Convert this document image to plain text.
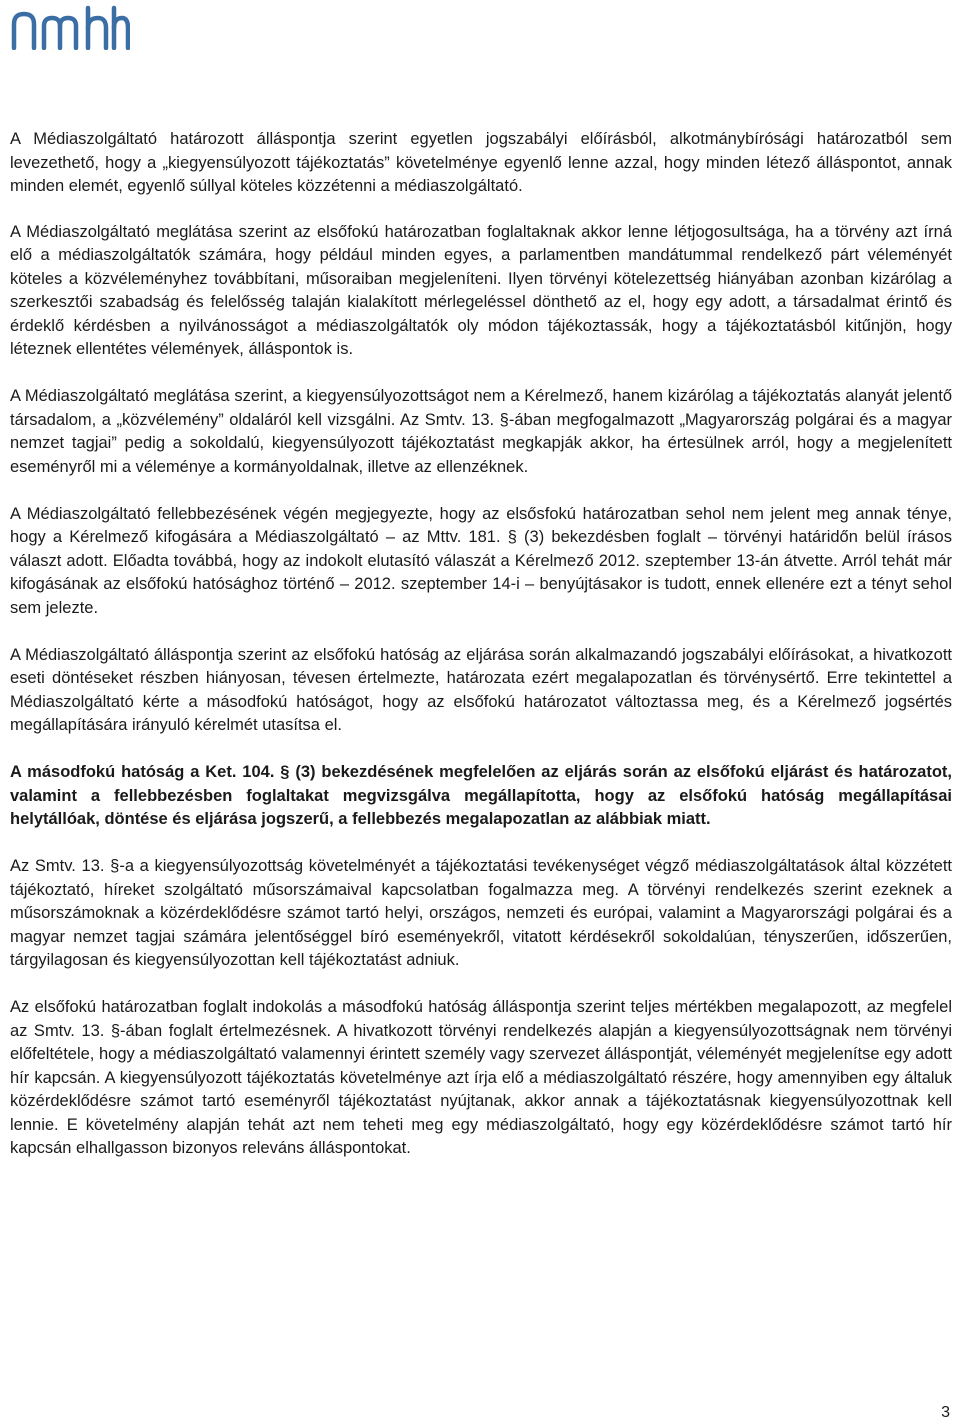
A Médiaszolgáltató határozott álláspontja szerint egyetlen jogszabályi előírásból, alkotmánybírósági határozatból sem levezethető, hogy a „kiegyensúlyozott tájékoztatás” követelménye egyenlő lenne azzal, hogy minden létező álláspontot, annak minden elemét, egyenlő súllyal köteles közzétenni a médiaszolgáltató.

A Médiaszolgáltató meglátása szerint az elsőfokú határozatban foglaltaknak akkor lenne létjogosultsága, ha a törvény azt írná elő a médiaszolgáltatók számára, hogy például minden egyes, a parlamentben mandátummal rendelkező párt véleményét köteles a közvéleményhez továbbítani, műsoraiban megjeleníteni. Ilyen törvényi kötelezettség hiányában azonban kizárólag a szerkesztői szabadság és felelősség talaján kialakított mérlegeléssel dönthető az el, hogy egy adott, a társadalmat érintő és érdeklő kérdésben a nyilvánosságot a médiaszolgáltatók oly módon tájékoztassák, hogy a tájékoztatásból kitűnjön, hogy léteznek ellentétes vélemények, álláspontok is.

A Médiaszolgáltató meglátása szerint, a kiegyensúlyozottságot nem a Kérelmező, hanem kizárólag a tájékoztatás alanyát jelentő társadalom, a „közvélemény” oldaláról kell vizsgálni. Az Smtv. 13. §-ában megfogalmazott „Magyarország polgárai és a magyar nemzet tagjai” pedig a sokoldalú, kiegyensúlyozott tájékoztatást megkapják akkor, ha értesülnek arról, hogy a megjelenített eseményről mi a véleménye a kormányoldalnak, illetve az ellenzéknek.

A Médiaszolgáltató fellebbezésének végén megjegyezte, hogy az elsősfokú határozatban sehol nem jelent meg annak ténye, hogy a Kérelmező kifogására a Médiaszolgáltató – az Mttv. 181. § (3) bekezdésben foglalt – törvényi határidőn belül írásos választ adott. Előadta továbbá, hogy az indokolt elutasító válaszát a Kérelmező 2012. szeptember 13-án átvette. Arról tehát már kifogásának az elsőfokú hatósághoz történő – 2012. szeptember 14-i – benyújtásakor is tudott, ennek ellenére ezt a tényt sehol sem jelezte.

A Médiaszolgáltató álláspontja szerint az elsőfokú hatóság az eljárása során alkalmazandó jogszabályi előírásokat, a hivatkozott eseti döntéseket részben hiányosan, tévesen értelmezte, határozata ezért megalapozatlan és törvénysértő. Erre tekintettel a Médiaszolgáltató kérte a másodfokú hatóságot, hogy az elsőfokú határozatot változtassa meg, és a Kérelmező jogsértés megállapítására irányuló kérelmét utasítsa el.

A másodfokú hatóság a Ket. 104. § (3) bekezdésének megfelelően az eljárás során az elsőfokú eljárást és határozatot, valamint a fellebbezésben foglaltakat megvizsgálva megállapította, hogy az elsőfokú hatóság megállapításai helytállóak, döntése és eljárása jogszerű, a fellebbezés megalapozatlan az alábbiak miatt.

Az Smtv. 13. §-a a kiegyensúlyozottság követelményét a tájékoztatási tevékenységet végző médiaszolgáltatások által közzétett tájékoztató, híreket szolgáltató műsorszámaival kapcsolatban fogalmazza meg. A törvényi rendelkezés szerint ezeknek a műsorszámoknak a közérdeklődésre számot tartó helyi, országos, nemzeti és európai, valamint a Magyarországi polgárai és a magyar nemzet tagjai számára jelentőséggel bíró eseményekről, vitatott kérdésekről sokoldalúan, tényszerűen, időszerűen, tárgyilagosan és kiegyensúlyozottan kell tájékoztatást adniuk.

Az elsőfokú határozatban foglalt indokolás a másodfokú hatóság álláspontja szerint teljes mértékben megalapozott, az megfelel az Smtv. 13. §-ában foglalt értelmezésnek. A hivatkozott törvényi rendelkezés alapján a kiegyensúlyozottságnak nem törvényi előfeltétele, hogy a médiaszolgáltató valamennyi érintett személy vagy szervezet álláspontját, véleményét megjelenítse egy adott hír kapcsán. A kiegyensúlyozott tájékoztatás követelménye azt írja elő a médiaszolgáltató részére, hogy amennyiben egy általuk közérdeklődésre számot tartó eseményről tájékoztatást nyújtanak, akkor annak a tájékoztatásnak kiegyensúlyozottnak kell lennie. E követelmény alapján tehát azt nem teheti meg egy médiaszolgáltató, hogy egy közérdeklődésre számot tartó hír kapcsán elhallgasson bizonyos releváns álláspontokat.

3
